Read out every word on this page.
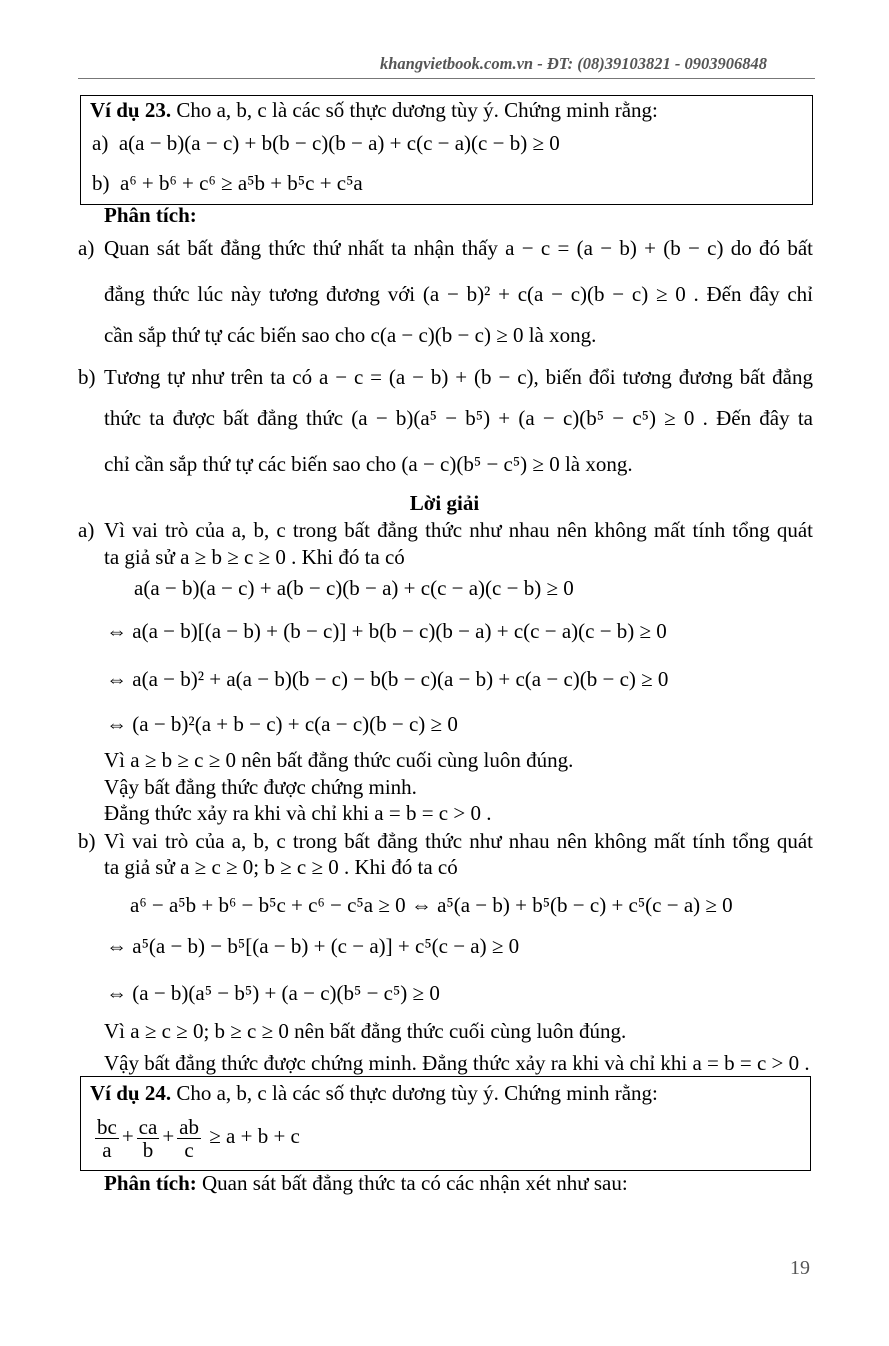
khangvietbook.com.vn - ĐT: (08)39103821 - 0903906848
Ví dụ 23. Cho a, b, c là các số thực dương tùy ý. Chứng minh rằng:
a) a(a − b)(a − c) + b(b − c)(b − a) + c(c − a)(c − b) ≥ 0
b) a⁶ + b⁶ + c⁶ ≥ a⁵b + b⁵c + c⁵a
Phân tích:
a) Quan sát bất đẳng thức thứ nhất ta nhận thấy a − c = (a − b) + (b − c) do đó bất
đẳng thức lúc này tương đương với (a − b)² + c(a − c)(b − c) ≥ 0 . Đến đây chỉ
cần sắp thứ tự các biến sao cho c(a − c)(b − c) ≥ 0 là xong.
b) Tương tự như trên ta có a − c = (a − b) + (b − c), biến đổi tương đương bất đẳng
thức ta được bất đẳng thức (a − b)(a⁵ − b⁵) + (a − c)(b⁵ − c⁵) ≥ 0 . Đến đây ta
chỉ cần sắp thứ tự các biến sao cho (a − c)(b⁵ − c⁵) ≥ 0 là xong.
Lời giải
a) Vì vai trò của a, b, c trong bất đẳng thức như nhau nên không mất tính tổng quát
ta giả sử a ≥ b ≥ c ≥ 0 . Khi đó ta có
a(a − b)(a − c) + a(b − c)(b − a) + c(c − a)(c − b) ≥ 0
⇔ a(a − b)[(a − b) + (b − c)] + b(b − c)(b − a) + c(c − a)(c − b) ≥ 0
⇔ a(a − b)² + a(a − b)(b − c) − b(b − c)(a − b) + c(a − c)(b − c) ≥ 0
⇔ (a − b)²(a + b − c) + c(a − c)(b − c) ≥ 0
Vì a ≥ b ≥ c ≥ 0 nên bất đẳng thức cuối cùng luôn đúng.
Vậy bất đẳng thức được chứng minh.
Đẳng thức xảy ra khi và chỉ khi a = b = c > 0 .
b) Vì vai trò của a, b, c trong bất đẳng thức như nhau nên không mất tính tổng quát
ta giả sử a ≥ c ≥ 0; b ≥ c ≥ 0 . Khi đó ta có
a⁶ − a⁵b + b⁶ − b⁵c + c⁶ − c⁵a ≥ 0 ⇔ a⁵(a − b) + b⁵(b − c) + c⁵(c − a) ≥ 0
⇔ a⁵(a − b) − b⁵[(a − b) + (c − a)] + c⁵(c − a) ≥ 0
⇔ (a − b)(a⁵ − b⁵) + (a − c)(b⁵ − c⁵) ≥ 0
Vì a ≥ c ≥ 0; b ≥ c ≥ 0 nên bất đẳng thức cuối cùng luôn đúng.
Vậy bất đẳng thức được chứng minh. Đẳng thức xảy ra khi và chỉ khi a = b = c > 0 .
Ví dụ 24. Cho a, b, c là các số thực dương tùy ý. Chứng minh rằng:
$\frac{bc}{a} + \frac{ca}{b} + \frac{ab}{c} \ge a + b + c$
Phân tích: Quan sát bất đẳng thức ta có các nhận xét như sau:
19
